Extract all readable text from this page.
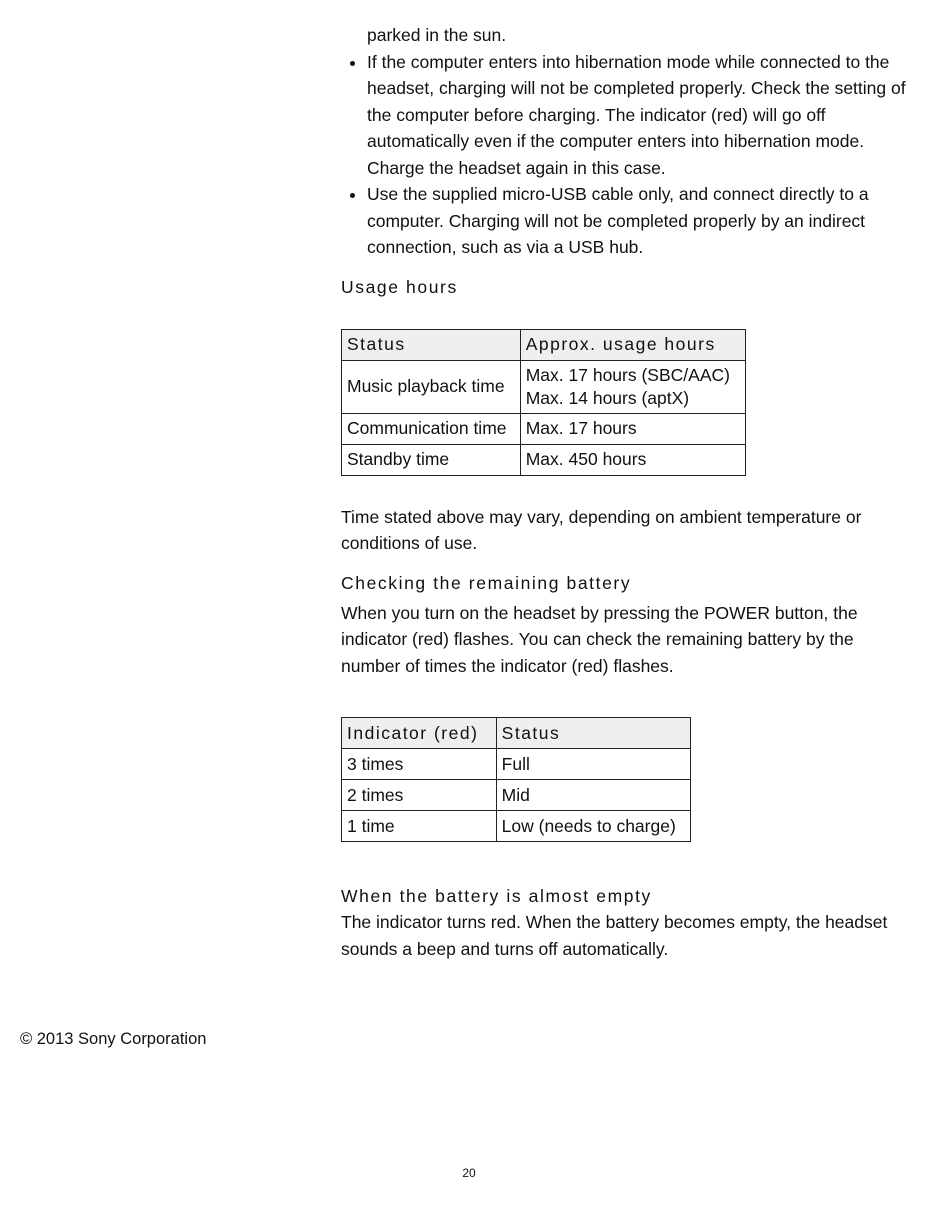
parked in the sun.

• If the computer enters into hibernation mode while connected to the headset, charging will not be completed properly. Check the setting of the computer before charging. The indicator (red) will go off automatically even if the computer enters into hibernation mode. Charge the headset again in this case.
• Use the supplied micro-USB cable only, and connect directly to a computer. Charging will not be completed properly by an indirect connection, such as via a USB hub.
Usage hours
Status	Approx. usage hours
Music playback time	Max. 17 hours (SBC/AAC)
Max. 14 hours (aptX)

Communication time	Max. 17 hours
Standby time	Max. 450 hours

Time stated above may vary, depending on ambient temperature or conditions of use.

Checking the remaining battery

When you turn on the headset by pressing the POWER button, the indicator (red) flashes. You can check the remaining battery by the number of times the indicator (red) flashes.

Indicator (red)	Status
3 times	Full
2 times	Mid
1 time	Low (needs to charge)
When the battery is almost empty

The indicator turns red. When the battery becomes empty, the headset sounds a beep and turns off automatically.

© 2013 Sony Corporation
20
